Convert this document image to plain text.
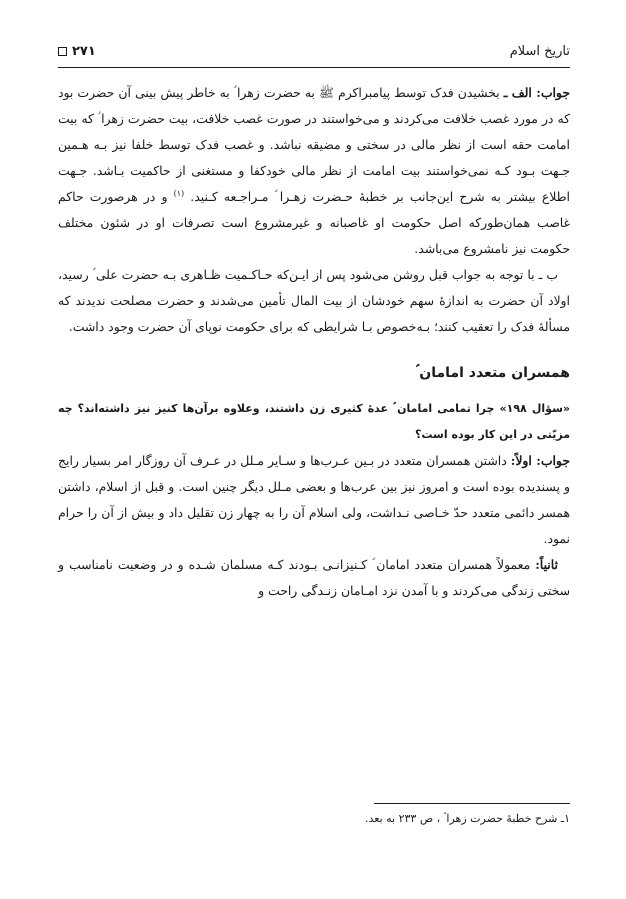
تاریخ اسلام
۲۷۱

جواب: الف ـ بخشیدن فدک توسط پیامبراکرم ﷺ به حضرت زهرا ؑ به خاطر پیش بینی آن حضرت بود که در مورد غصب خلافت می‌کردند و می‌خواستند در صورت غصب خلافت، بیت حضرت زهرا ؑ که بیت امامت حقه است از نظر مالی در سختی و مضیقه نباشد. و غصب فدک توسط خلفا نیز بـه هـمین جـهت بـود کـه نمی‌خواستند بیت امامت از نظر مالی خودکفا و مستغنی از حاکمیت بـاشد. جـهت اطلاع بیشتر به شرح این‌جانب بر خطبهٔ حـضرت زهـرا ؑ مـراجـعه کـنید. $^{(۱)}$ و در هرصورت حاکم غاصب همان‌طورکه اصل حکومت او غاصبانه و غیرمشروع است تصرفات او در شئون مختلف حکومت نیز نامشروع می‌باشد.

ب ـ با توجه به جواب قبل روشن می‌شود پس از ایـن‌که حـاکـمیت ظـاهری بـه حضرت علی ؑ رسید، اولاد آن حضرت به اندازهٔ سهم خودشان از بیت المال تأمین می‌شدند و حضرت مصلحت ندیدند که مسألهٔ فدک را تعقیب کنند؛ بـه‌خصوص بـا شرایطی که برای حکومت نوپای آن حضرت وجود داشت.

همسران متعدد امامان ؑ

«سؤال ۱۹۸» چرا تمامی امامان ؑ عدهٔ کثیری زن داشتند، وعلاوه برآن‌ها کنیز نیز داشته‌اند؟ چه مزیّتی در این کار بوده است؟

جواب: اولاً: داشتن همسران متعدد در بـین عـرب‌ها و سـایر مـلل در عـرف آن روزگار امر بسیار رایج و پسندیده بوده است و امروز نیز بین عرب‌ها و بعضی مـلل دیگر چنین است. و قبل از اسلام، داشتن همسر دائمی متعدد حدّ خـاصی نـداشت، ولی اسلام آن را به چهار زن تقلیل داد و بیش از آن را حرام نمود.

ثانیاً: معمولاً همسران متعدد امامان ؑ کـنیزانـی بـودند کـه مسلمان شـده و در وضعیت نامناسب و سختی زندگی می‌کردند و با آمدن نزد امـامان زنـدگی راحت و

۱ـ شرح خطبهٔ حضرت زهرا ؑ ، ص ۲۳۳ به بعد.
